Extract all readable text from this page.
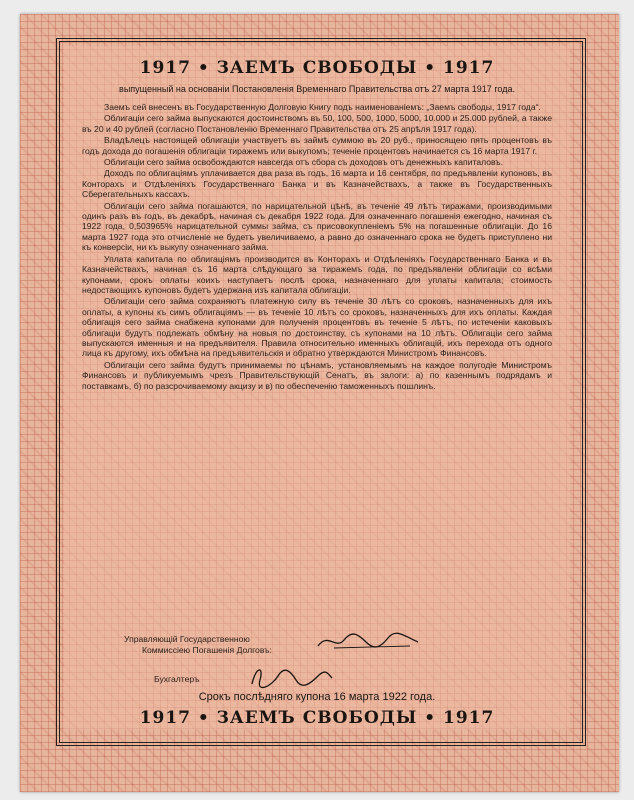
1917 • ЗАЕМЪ СВОБОДЫ • 1917
выпущенный на основанiи Постановленiя Временнаго Правительства отъ 27 марта 1917 года.

Заемъ сей внесенъ въ Государственную Долговую Книгу подъ наименованiемъ: „Заемъ свободы, 1917 года“.

Облигацiи сего займа выпускаются достоинствомъ въ 50, 100, 500, 1000, 5000, 10.000 и 25.000 рублей, а также въ 20 и 40 рублей (согласно Постановленiю Временнаго Правительства отъ 25 апрѣля 1917 года).

Владѣлецъ настоящей облигацiи участвуетъ въ займѣ суммою въ 20 руб., приносящею пять процентовъ въ годъ дохода до погашенiя облигацiи тиражемъ или выкупомъ; теченiе процентовъ начинается съ 16 марта 1917 г.

Облигацiи сего займа освобождаются навсегда отъ сбора съ доходовъ отъ денежныхъ капиталовъ.

Доходъ по облигацiямъ уплачивается два раза въ годъ, 16 марта и 16 сентября, по предъявленiи купоновъ, въ Конторахъ и Отдѣленiяхъ Государственнаго Банка и въ Казначействахъ, а также въ Государственныхъ Сберегательныхъ кассахъ.

Облигацiи сего займа погашаются, по нарицательной цѣнѣ, въ теченiе 49 лѣтъ тиражами, производимыми одинъ разъ въ годъ, въ декабрѣ, начиная съ декабря 1922 года. Для означеннаго погашенiя ежегодно, начиная съ 1922 года, 0,503965% нарицательной суммы займа, съ присовокупленiемъ 5% на погашенные облигацiи. До 16 марта 1927 года это отчисленiе не будетъ увеличиваемо, а равно до означеннаго срока не будетъ приступлено ни къ конверсiи, ни къ выкупу означеннаго займа.

Уплата капитала по облигацiямъ производится въ Конторахъ и Отдѣленiяхъ Государственнаго Банка и въ Казначействахъ, начиная съ 16 марта слѣдующаго за тиражемъ года, по предъявленiи облигацiи со всѣми купонами, срокъ оплаты коихъ наступаетъ послѣ срока, назначеннаго для уплаты капитала; стоимость недостающихъ купоновъ будетъ удержана изъ капитала облигацiи.

Облигацiи сего займа сохраняютъ платежную силу въ теченiе 30 лѣтъ со сроковъ, назначенныхъ для ихъ оплаты, а купоны къ симъ облигацiямъ — въ теченiе 10 лѣтъ со сроковъ, назначенныхъ для ихъ оплаты. Каждая облигацiя сего займа снабжена купонами для полученiя процентовъ въ теченiе 5 лѣтъ, по истеченiи каковыхъ облигацiи будутъ подлежать обмѣну на новыя по достоинству, съ купонами на 10 лѣтъ. Облигацiи сего займа выпускаются именныя и на предъявителя. Правила относительно именныхъ облигацiй, ихъ перехода отъ одного лица къ другому, ихъ обмѣна на предъявительскiя и обратно утверждаются Министромъ Финансовъ.

Облигацiи сего займа будутъ принимаемы по цѣнамъ, установляемымъ на каждое полугодiе Министромъ Финансовъ и публикуемымъ чрезъ Правительствующiй Сенатъ, въ залоги: а) по казеннымъ подрядамъ и поставкамъ, б) по разсрочиваемому акцизу и в) по обеспеченiю таможенныхъ пошлинъ.

Управляющiй Государственною
Коммиссiею Погашенiя Долговъ:
Бухгалтеръ
Срокъ послѣдняго купона 16 марта 1922 года.
1917 • ЗАЕМЪ СВОБОДЫ • 1917
